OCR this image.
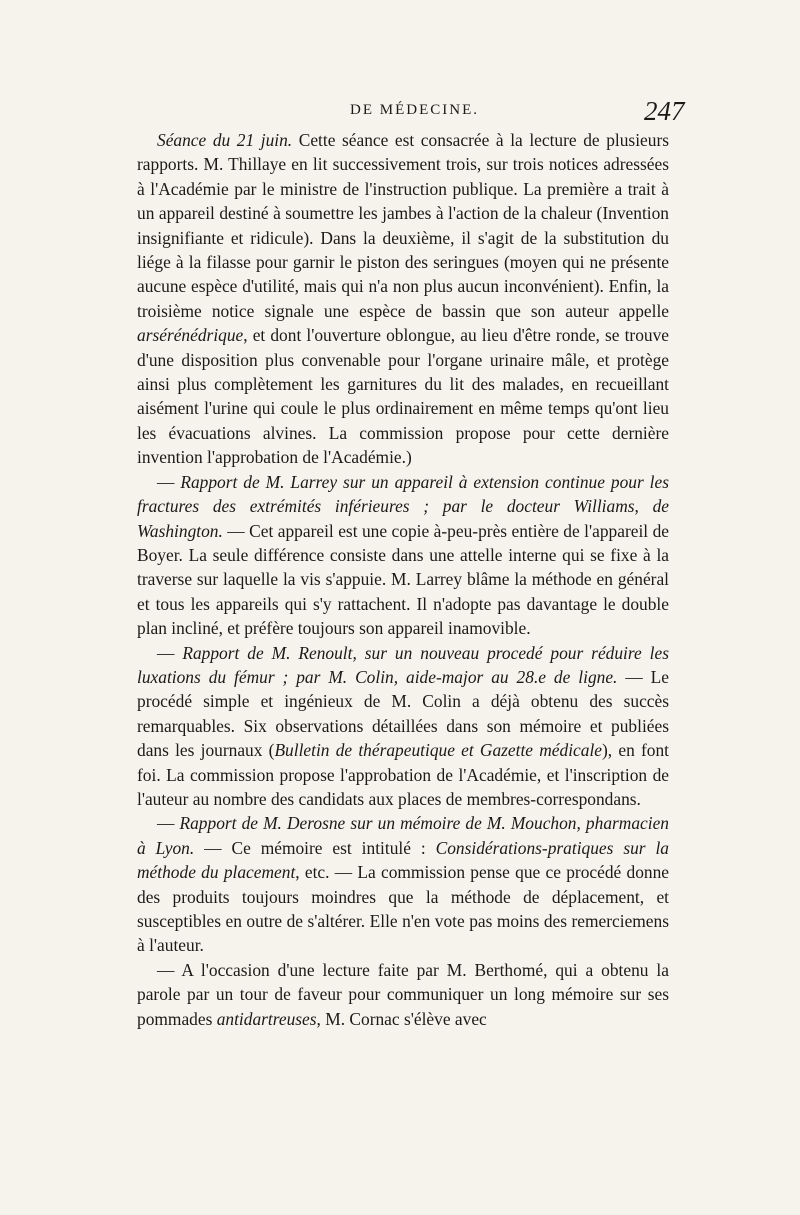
DE MÉDECINE.	247

Séance du 21 juin. Cette séance est consacrée à la lecture de plusieurs rapports. M. Thillaye en lit successivement trois, sur trois notices adressées à l'Académie par le ministre de l'instruction publique. La première a trait à un appareil destiné à soumettre les jambes à l'action de la chaleur (Invention insignifiante et ridicule). Dans la deuxième, il s'agit de la substitution du liége à la filasse pour garnir le piston des seringues (moyen qui ne présente aucune espèce d'utilité, mais qui n'a non plus aucun inconvénient). Enfin, la troisième notice signale une espèce de bassin que son auteur appelle arsérénédrique, et dont l'ouverture oblongue, au lieu d'être ronde, se trouve d'une disposition plus convenable pour l'organe urinaire mâle, et protège ainsi plus complètement les garnitures du lit des malades, en recueillant aisément l'urine qui coule le plus ordinairement en même temps qu'ont lieu les évacuations alvines. La commission propose pour cette dernière invention l'approbation de l'Académie.)

— Rapport de M. Larrey sur un appareil à extension continue pour les fractures des extrémités inférieures ; par le docteur Williams, de Washington. — Cet appareil est une copie à-peu-près entière de l'appareil de Boyer. La seule différence consiste dans une attelle interne qui se fixe à la traverse sur laquelle la vis s'appuie. M. Larrey blâme la méthode en général et tous les appareils qui s'y rattachent. Il n'adopte pas davantage le double plan incliné, et préfère toujours son appareil inamovible.

— Rapport de M. Renoult, sur un nouveau procedé pour réduire les luxations du fémur ; par M. Colin, aide-major au 28.e de ligne. — Le procédé simple et ingénieux de M. Colin a déjà obtenu des succès remarquables. Six observations détaillées dans son mémoire et publiées dans les journaux (Bulletin de thérapeutique et Gazette médicale), en font foi. La commission propose l'approbation de l'Académie, et l'inscription de l'auteur au nombre des candidats aux places de membres-correspondans.

— Rapport de M. Derosne sur un mémoire de M. Mouchon, pharmacien à Lyon. — Ce mémoire est intitulé : Considérations-pratiques sur la méthode du placement, etc. — La commission pense que ce procédé donne des produits toujours moindres que la méthode de déplacement, et susceptibles en outre de s'altérer. Elle n'en vote pas moins des remerciemens à l'auteur.

— A l'occasion d'une lecture faite par M. Berthomé, qui a obtenu la parole par un tour de faveur pour communiquer un long mémoire sur ses pommades antidartreuses, M. Cornac s'élève avec
